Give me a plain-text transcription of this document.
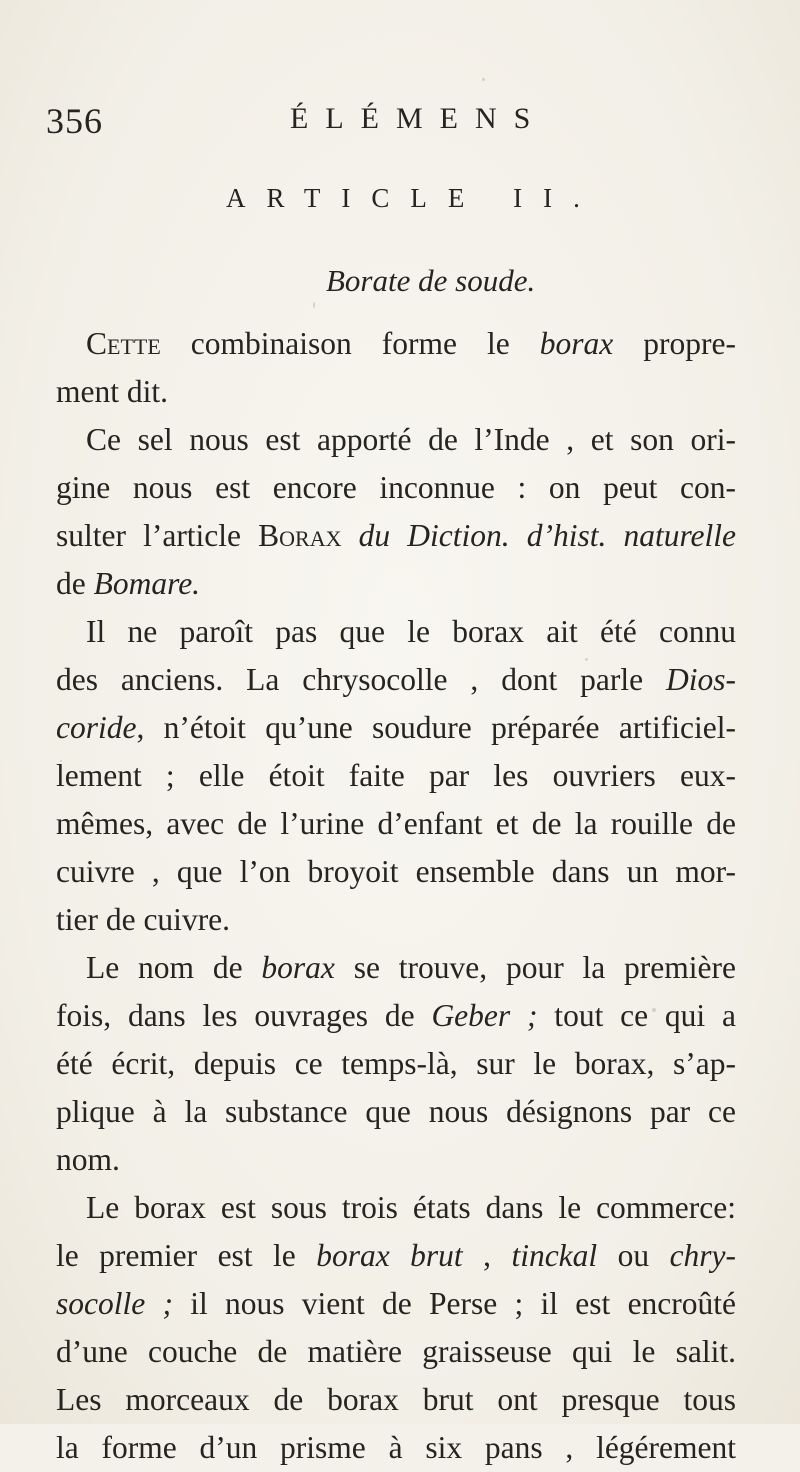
356	ÉLÉMENS
ARTICLE II.
Borate de soude.
Cette combinaison forme le borax propre-
ment dit.
Ce sel nous est apporté de l’Inde , et son ori-
gine nous est encore inconnue : on peut con-
sulter l’article Borax du Diction. d’hist. naturelle
de Bomare.
Il ne paroît pas que le borax ait été connu
des anciens. La chrysocolle , dont parle Dios-
coride, n’étoit qu’une soudure préparée artificiel-
lement ; elle étoit faite par les ouvriers eux-
mêmes, avec de l’urine d’enfant et de la rouille de
cuivre , que l’on broyoit ensemble dans un mor-
tier de cuivre.
Le nom de borax se trouve, pour la première
fois, dans les ouvrages de Geber ; tout ce qui a
été écrit, depuis ce temps-là, sur le borax, s’ap-
plique à la substance que nous désignons par ce
nom.
Le borax est sous trois états dans le commerce:
le premier est le borax brut , tinckal ou chry-
socolle ; il nous vient de Perse ; il est encroûté
d’une couche de matière graisseuse qui le salit.
Les morceaux de borax brut ont presque tous
la forme d’un prisme à six pans , légérement
